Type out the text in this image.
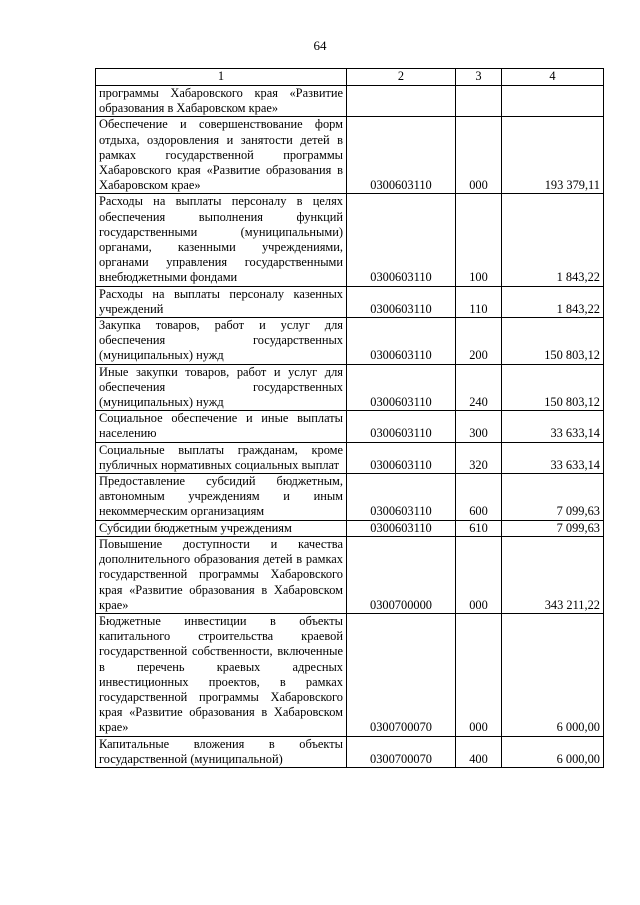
64
1	2	3	4
программы Хабаровского края «Развитие образования в Хабаровском крае»			
Обеспечение и совершенствование форм отдыха, оздоровления и занятости детей в рамках государственной программы Хабаровского края «Развитие образования в Хабаровском крае»	0300603110	000	193 379,11
Расходы на выплаты персоналу в целях обеспечения выполнения функций государственными (муниципальными) органами, казенными учреждениями, органами управления государственными внебюджетными фондами	0300603110	100	1 843,22
Расходы на выплаты персоналу казенных учреждений	0300603110	110	1 843,22
Закупка товаров, работ и услуг для обеспечения государственных (муниципальных) нужд	0300603110	200	150 803,12
Иные закупки товаров, работ и услуг для обеспечения государственных (муниципальных) нужд	0300603110	240	150 803,12
Социальное обеспечение и иные выплаты населению	0300603110	300	33 633,14
Социальные выплаты гражданам, кроме публичных нормативных социальных выплат	0300603110	320	33 633,14
Предоставление субсидий бюджетным, автономным учреждениям и иным некоммерческим организациям	0300603110	600	7 099,63
Субсидии бюджетным учреждениям	0300603110	610	7 099,63
Повышение доступности и качества дополнительного образования детей в рамках государственной программы Хабаровского края «Развитие образования в Хабаровском крае»	0300700000	000	343 211,22
Бюджетные инвестиции в объекты капитального строительства краевой государственной собственности, включенные в перечень краевых адресных инвестиционных проектов, в рамках государственной программы Хабаровского края «Развитие образования в Хабаровском крае»	0300700070	000	6 000,00
Капитальные вложения в объекты государственной (муниципальной)	0300700070	400	6 000,00
